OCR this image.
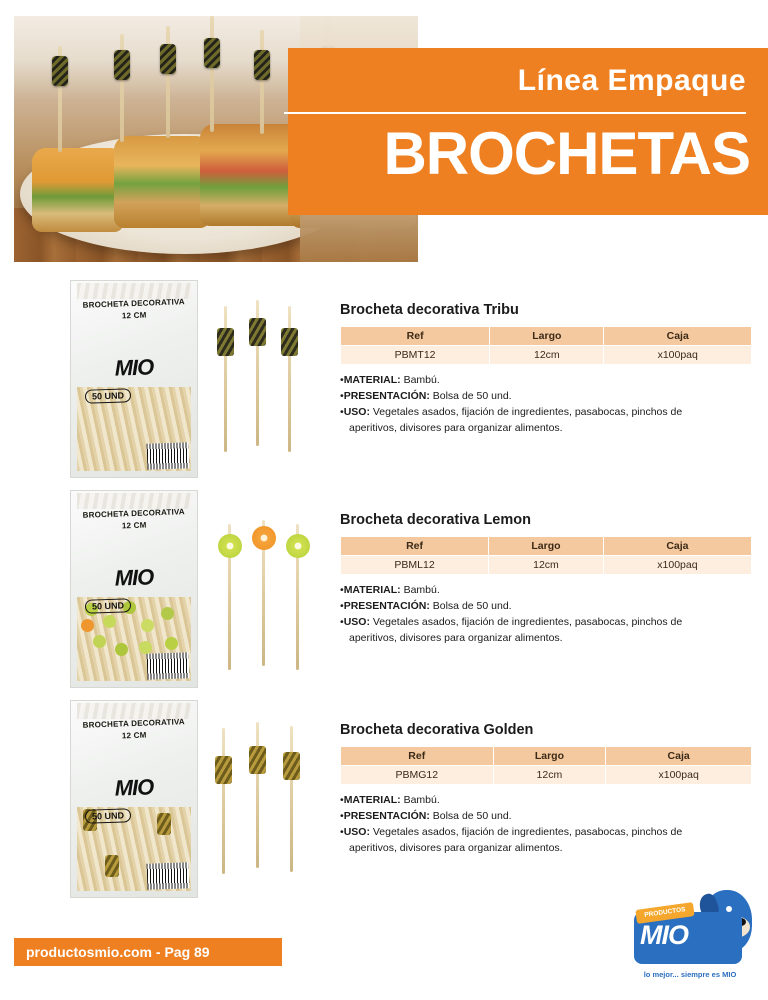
Línea Empaque
BROCHETAS
BROCHETA DECORATIVA
12 CM
MIO
50 UND
Brocheta decorativa Tribu
Ref	Largo	Caja
PBMT12	12cm	x100paq
•MATERIAL: Bambú.
•PRESENTACIÓN: Bolsa de 50 und.
•USO: Vegetales asados, fijación de ingredientes, pasabocas, pinchos de
aperitivos, divisores para organizar alimentos.
BROCHETA DECORATIVA
12 CM
MIO
50 UND
Brocheta decorativa Lemon
Ref	Largo	Caja
PBML12	12cm	x100paq
•MATERIAL: Bambú.
•PRESENTACIÓN: Bolsa de 50 und.
•USO: Vegetales asados, fijación de ingredientes, pasabocas, pinchos de
aperitivos, divisores para organizar alimentos.
BROCHETA DECORATIVA
12 CM
MIO
50 UND
Brocheta decorativa Golden
Ref	Largo	Caja
PBMG12	12cm	x100paq
•MATERIAL: Bambú.
•PRESENTACIÓN: Bolsa de 50 und.
•USO: Vegetales asados, fijación de ingredientes, pasabocas, pinchos de
aperitivos, divisores para organizar alimentos.
productosmio.com - Pag 89
PRODUCTOS
MIO
lo mejor... siempre es MIO
